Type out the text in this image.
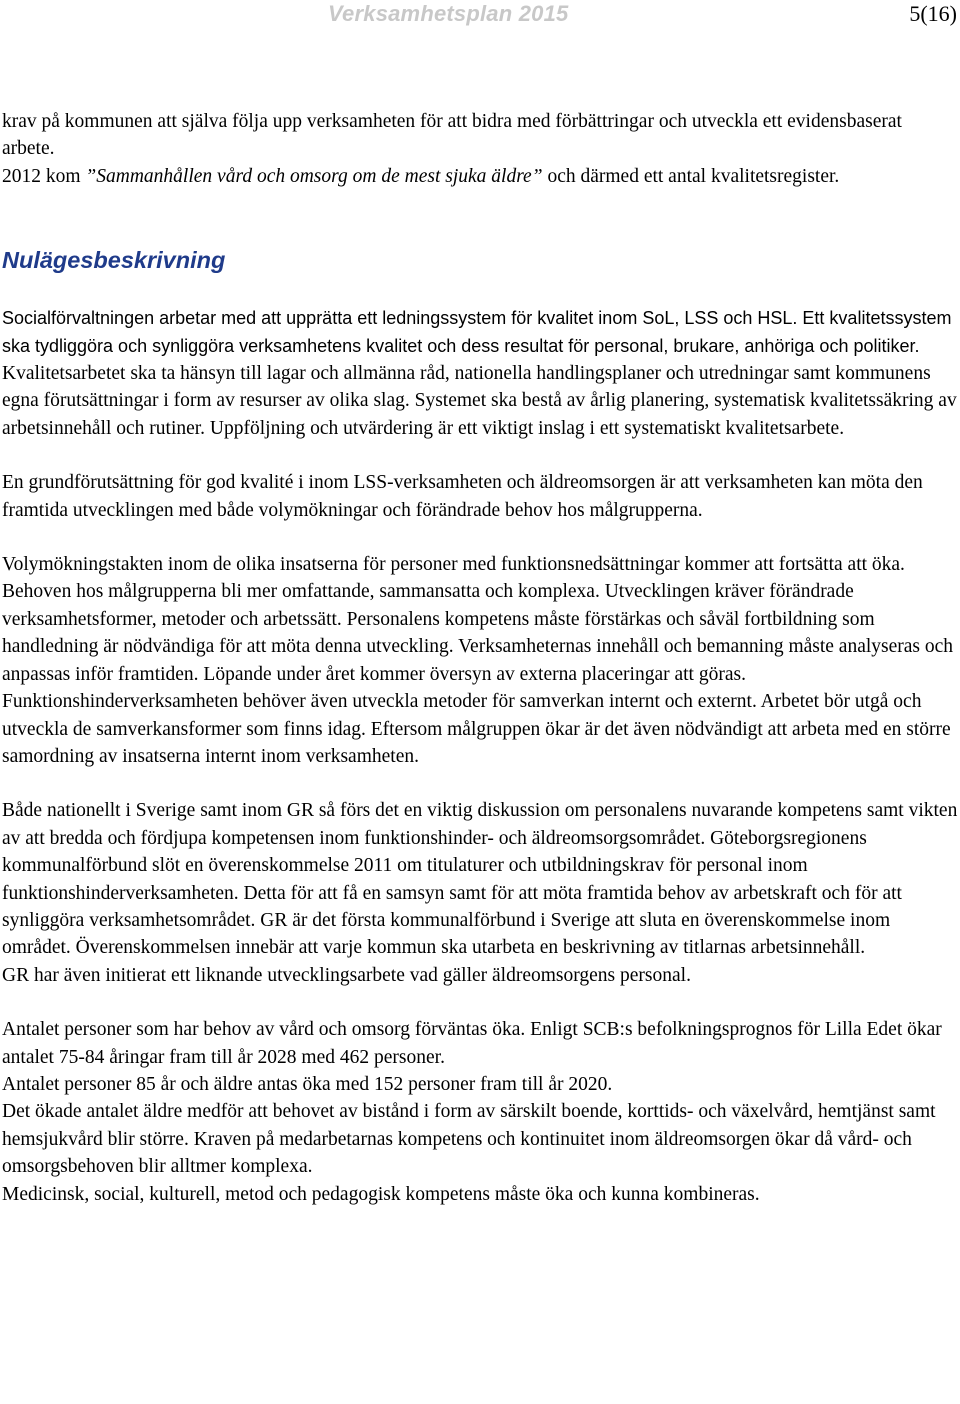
Verksamhetsplan 2015	5(16)

krav på kommunen att själva följa upp verksamheten för att bidra med förbättringar och utveckla ett evidensbaserat arbete.

2012 kom ”Sammanhållen vård och omsorg om de mest sjuka äldre” och därmed ett antal kvalitetsregister.

Nulägesbeskrivning

Socialförvaltningen arbetar med att upprätta ett ledningssystem för kvalitet inom SoL, LSS och HSL. Ett kvalitetssystem ska tydliggöra och synliggöra verksamhetens kvalitet och dess resultat för personal, brukare, anhöriga och politiker. Kvalitetsarbetet ska ta hänsyn till lagar och allmänna råd, nationella handlingsplaner och utredningar samt kommunens egna förutsättningar i form av resurser av olika slag. Systemet ska bestå av årlig planering, systematisk kvalitetssäkring av arbetsinnehåll och rutiner. Uppföljning och utvärdering är ett viktigt inslag i ett systematiskt kvalitetsarbete.

En grundförutsättning för god kvalité i inom LSS-verksamheten och äldreomsorgen är att verksamheten kan möta den framtida utvecklingen med både volymökningar och förändrade behov hos målgrupperna.

Volymökningstakten inom de olika insatserna för personer med funktionsnedsättningar kommer att fortsätta att öka. Behoven hos målgrupperna bli mer omfattande, sammansatta och komplexa. Utvecklingen kräver förändrade verksamhetsformer, metoder och arbetssätt. Personalens kompetens måste förstärkas och såväl fortbildning som handledning är nödvändiga för att möta denna utveckling. Verksamheternas innehåll och bemanning måste analyseras och anpassas inför framtiden. Löpande under året kommer översyn av externa placeringar att göras. Funktionshinderverksamheten behöver även utveckla metoder för samverkan internt och externt. Arbetet bör utgå och utveckla de samverkansformer som finns idag. Eftersom målgruppen ökar är det även nödvändigt att arbeta med en större samordning av insatserna internt inom verksamheten.

Både nationellt i Sverige samt inom GR så förs det en viktig diskussion om personalens nuvarande kompetens samt vikten av att bredda och fördjupa kompetensen inom funktionshinder- och äldreomsorgsområdet. Göteborgsregionens kommunalförbund slöt en överenskommelse 2011 om titulaturer och utbildningskrav för personal inom funktionshinderverksamheten. Detta för att få en samsyn samt för att möta framtida behov av arbetskraft och för att synliggöra verksamhetsområdet. GR är det första kommunalförbund i Sverige att sluta en överenskommelse inom området. Överenskommelsen innebär att varje kommun ska utarbeta en beskrivning av titlarnas arbetsinnehåll.

GR har även initierat ett liknande utvecklingsarbete vad gäller äldreomsorgens personal.

Antalet personer som har behov av vård och omsorg förväntas öka. Enligt SCB:s befolkningsprognos för Lilla Edet ökar antalet 75-84 åringar fram till år 2028 med 462 personer.

Antalet personer 85 år och äldre antas öka med 152 personer fram till år 2020.

Det ökade antalet äldre medför att behovet av bistånd i form av särskilt boende, korttids- och växelvård, hemtjänst samt hemsjukvård blir större. Kraven på medarbetarnas kompetens och kontinuitet inom äldreomsorgen ökar då vård- och omsorgsbehoven blir alltmer komplexa.

Medicinsk, social, kulturell, metod och pedagogisk kompetens måste öka och kunna kombineras.
